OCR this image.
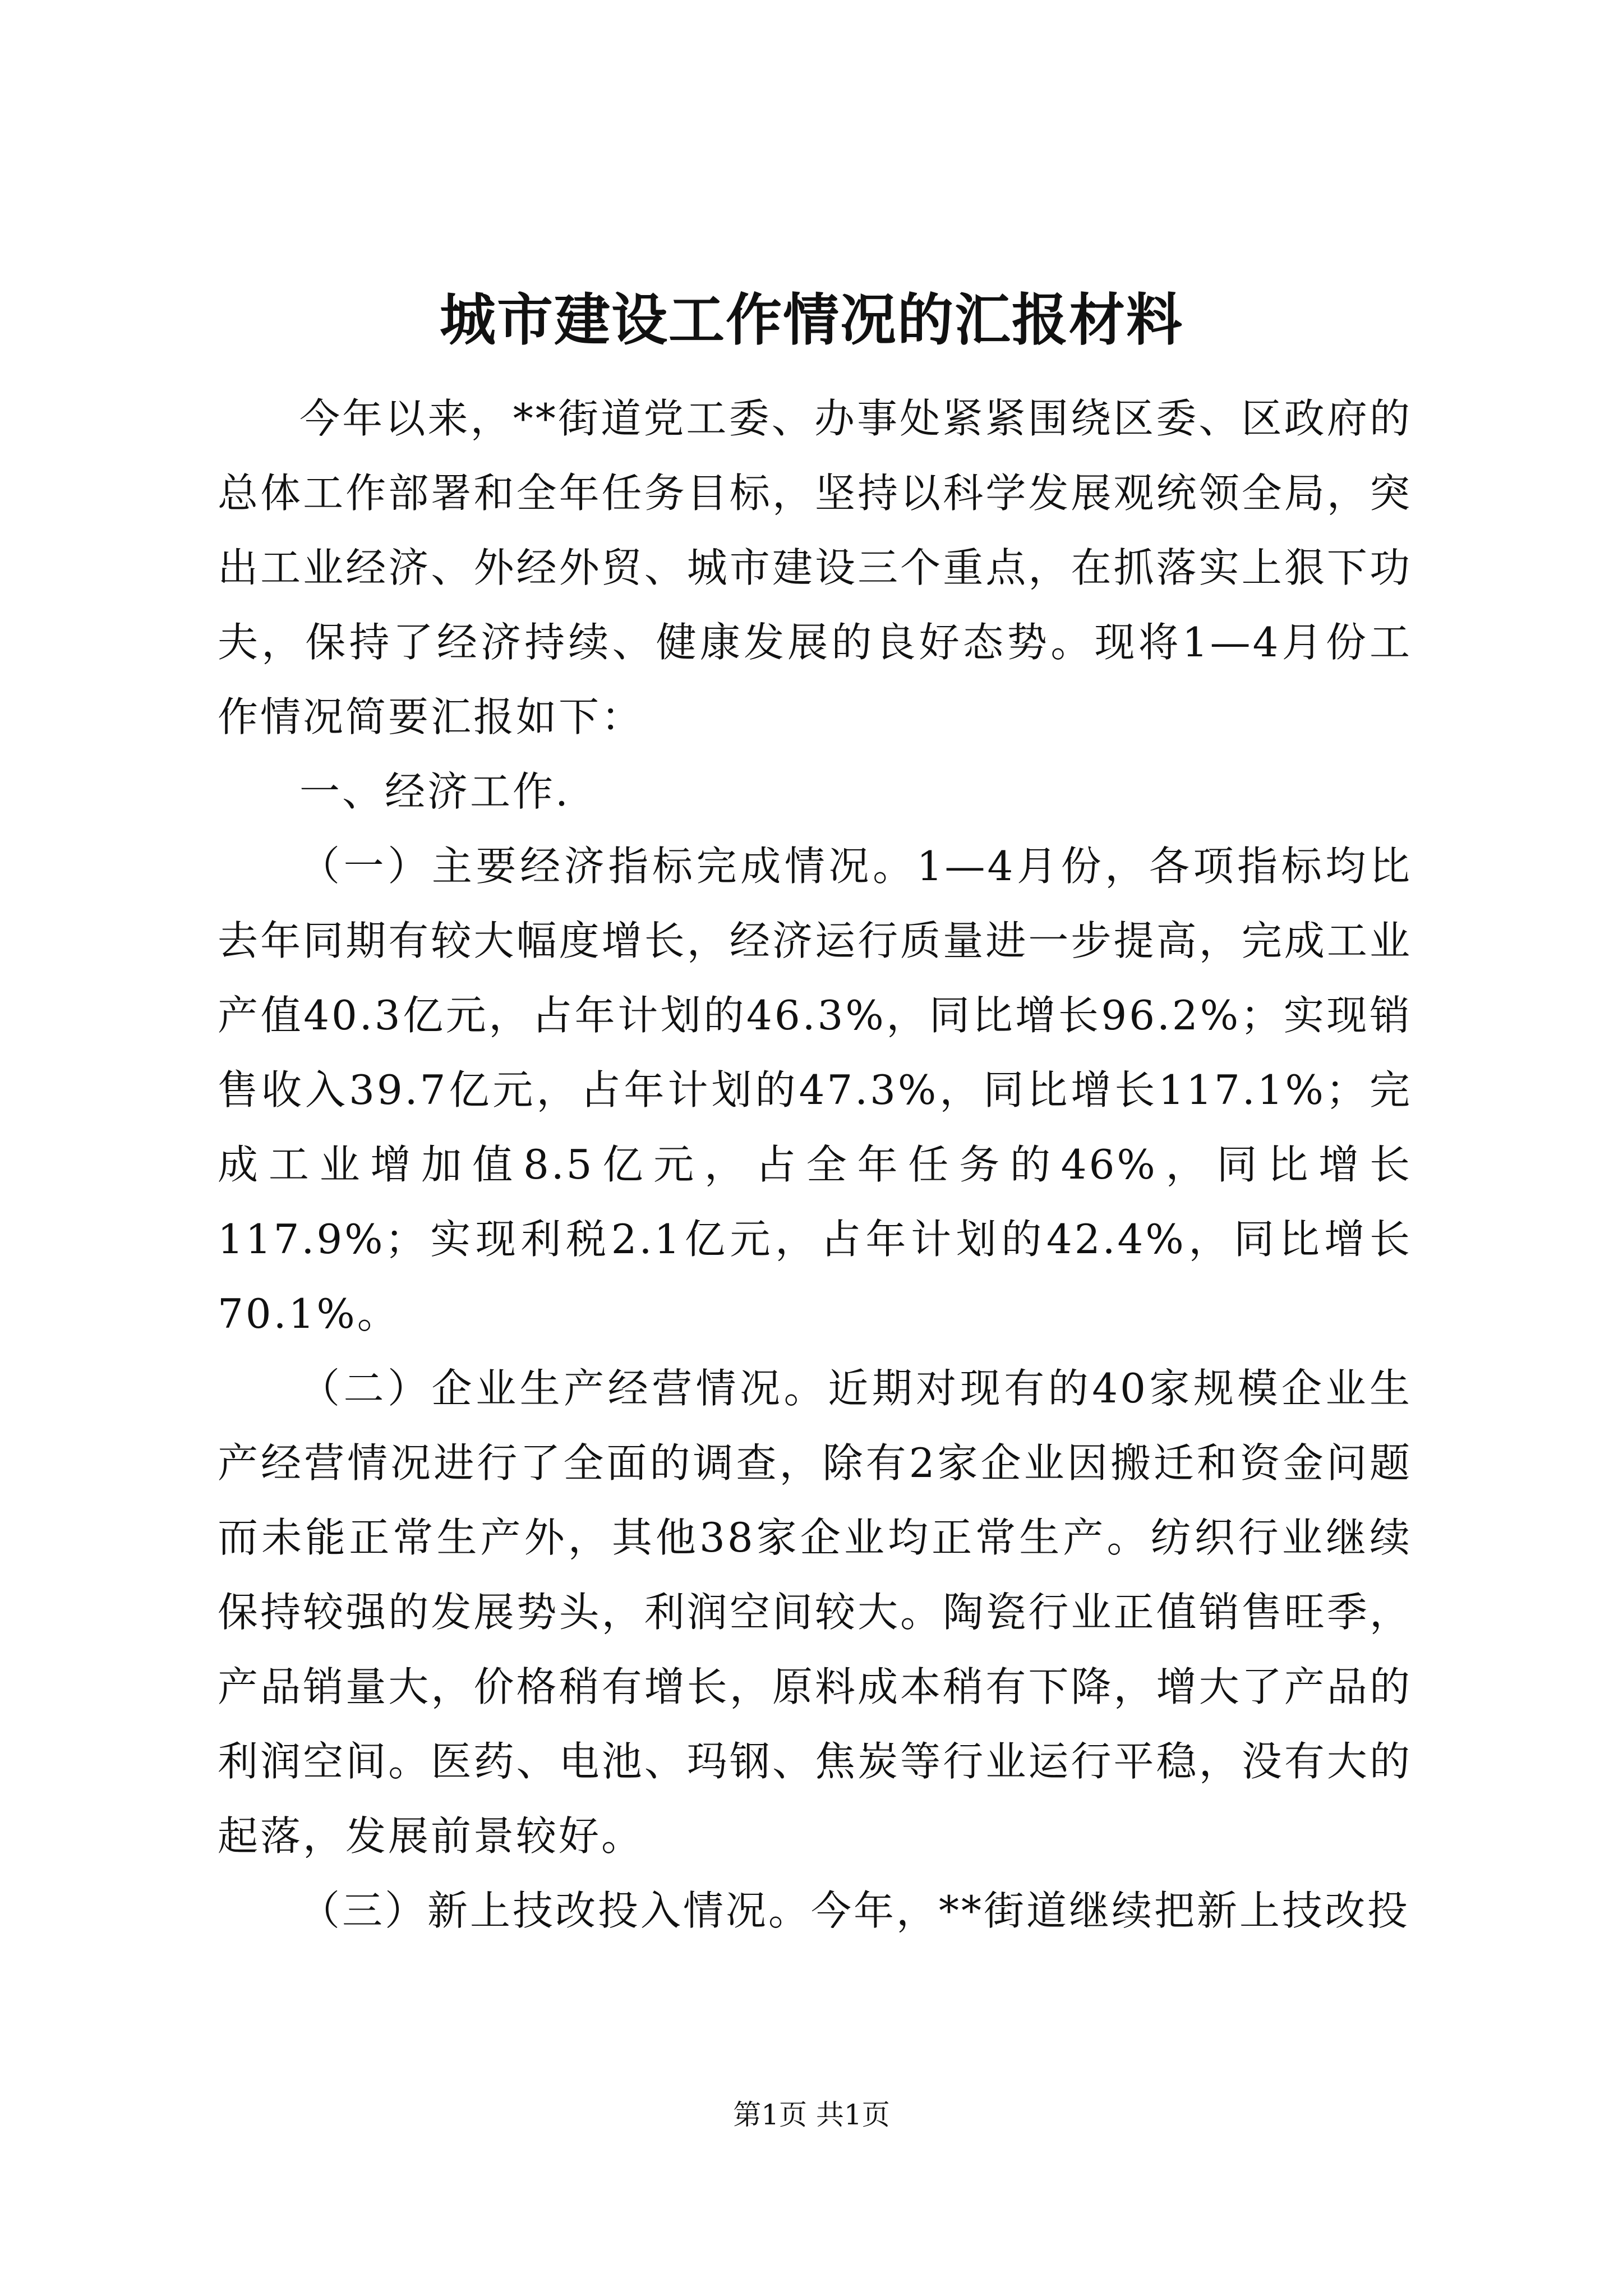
城市建设工作情况的汇报材料

今年以来，**街道党工委、办事处紧紧围绕区委、区政府的总体工作部署和全年任务目标，坚持以科学发展观统领全局，突出工业经济、外经外贸、城市建设三个重点，在抓落实上狠下功夫，保持了经济持续、健康发展的良好态势。现将1—4月份工作情况简要汇报如下：

一、经济工作.

（一）主要经济指标完成情况。1—4月份，各项指标均比去年同期有较大幅度增长，经济运行质量进一步提高，完成工业产值40.3亿元，占年计划的46.3%，同比增长96.2%；实现销售收入39.7亿元，占年计划的47.3%，同比增长117.1%；完成工业增加值8.5亿元，占全年任务的46%，同比增长117.9%；实现利税2.1亿元，占年计划的42.4%，同比增长70.1%。

（二）企业生产经营情况。近期对现有的40家规模企业生产经营情况进行了全面的调查，除有2家企业因搬迁和资金问题而未能正常生产外，其他38家企业均正常生产。纺织行业继续保持较强的发展势头，利润空间较大。陶瓷行业正值销售旺季，产品销量大，价格稍有增长，原料成本稍有下降，增大了产品的利润空间。医药、电池、玛钢、焦炭等行业运行平稳，没有大的起落，发展前景较好。

（三）新上技改投入情况。今年，**街道继续把新上技改投

第1页 共1页
